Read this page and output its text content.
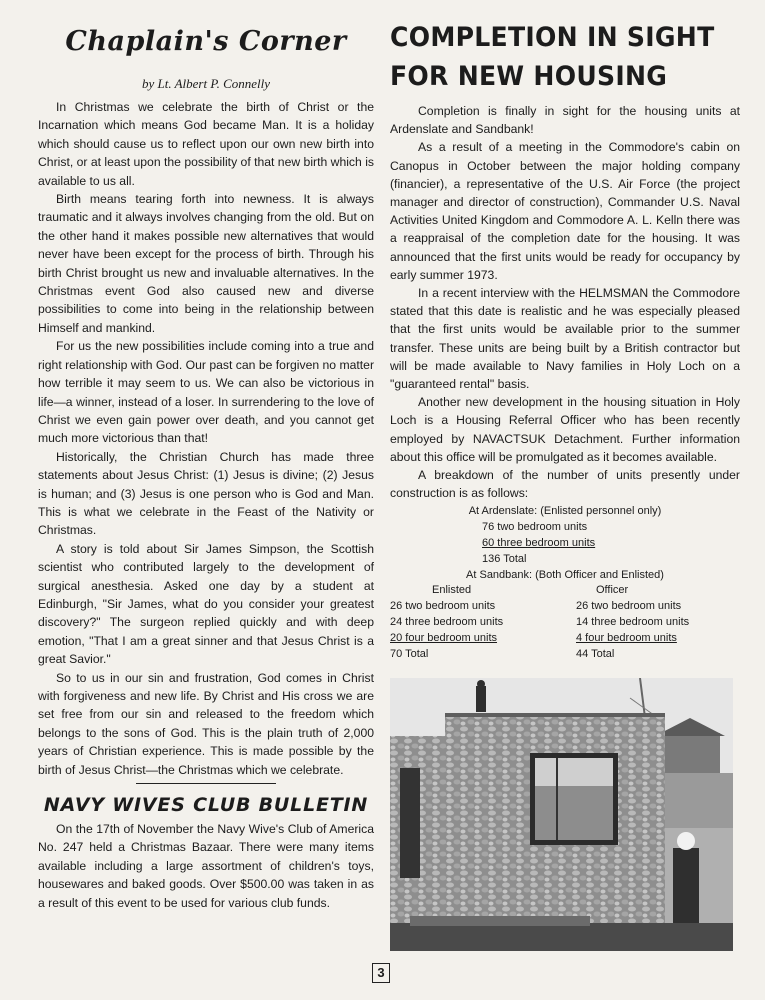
Chaplain's Corner
by Lt. Albert P. Connelly

In Christmas we celebrate the birth of Christ or the Incarnation which means God became Man. It is a holiday which should cause us to reflect upon our own new birth into Christ, or at least upon the possibility of that new birth which is available to us all.

Birth means tearing forth into newness. It is always traumatic and it always involves changing from the old. But on the other hand it makes possible new alternatives that would never have been except for the process of birth. Through his birth Christ brought us new and invaluable alternatives. In the Christmas event God also caused new and diverse possibilities to come into being in the relationship between Himself and mankind.

For us the new possibilities include coming into a true and right relationship with God. Our past can be forgiven no matter how terrible it may seem to us. We can also be victorious in life—a winner, instead of a loser. In surrendering to the love of Christ we even gain power over death, and you cannot get much more victorious than that!

Historically, the Christian Church has made three statements about Jesus Christ: (1) Jesus is divine; (2) Jesus is human; and (3) Jesus is one person who is God and Man. This is what we celebrate in the Feast of the Nativity or Christmas.

A story is told about Sir James Simpson, the Scottish scientist who contributed largely to the development of surgical anesthesia. Asked one day by a student at Edinburgh, "Sir James, what do you consider your greatest discovery?" The surgeon replied quickly and with deep emotion, "That I am a great sinner and that Jesus Christ is a great Savior."

So to us in our sin and frustration, God comes in Christ with forgiveness and new life. By Christ and His cross we are set free from our sin and released to the freedom which belongs to the sons of God. This is the plain truth of 2,000 years of Christian experience. This is made possible by the birth of Jesus Christ—the Christmas which we celebrate.

NAVY WIVES CLUB BULLETIN

On the 17th of November the Navy Wive's Club of America No. 247 held a Christmas Bazaar. There were many items available including a large assortment of children's toys, housewares and baked goods. Over $500.00 was taken in as a result of this event to be used for various club funds.

COMPLETION IN SIGHT
FOR NEW HOUSING

Completion is finally in sight for the housing units at Ardenslate and Sandbank!

As a result of a meeting in the Commodore's cabin on Canopus in October between the major holding company (financier), a representative of the U.S. Air Force (the project manager and director of construction), Commander U.S. Naval Activities United Kingdom and Commodore A. L. Kelln there was a reappraisal of the completion date for the housing. It was announced that the first units would be ready for occupancy by early summer 1973.

In a recent interview with the HELMSMAN the Commodore stated that this date is realistic and he was especially pleased that the first units would be available prior to the summer transfer. These units are being built by a British contractor but will be made available to Navy families in Holy Loch on a "guaranteed rental" basis.

Another new development in the housing situation in Holy Loch is a Housing Referral Officer who has been recently employed by NAVACTSUK Detachment. Further information about this office will be promulgated as it becomes available.

A breakdown of the number of units presently under construction is as follows:

At Ardenslate: (Enlisted personnel only)
76 two bedroom units
60 three bedroom units
136 Total
At Sandbank: (Both Officer and Enlisted)
Enlisted
26 two bedroom units
24 three bedroom units
20 four bedroom units
70 Total
Officer
26 two bedroom units
14 three bedroom units
4 four bedroom units
44 Total
3
